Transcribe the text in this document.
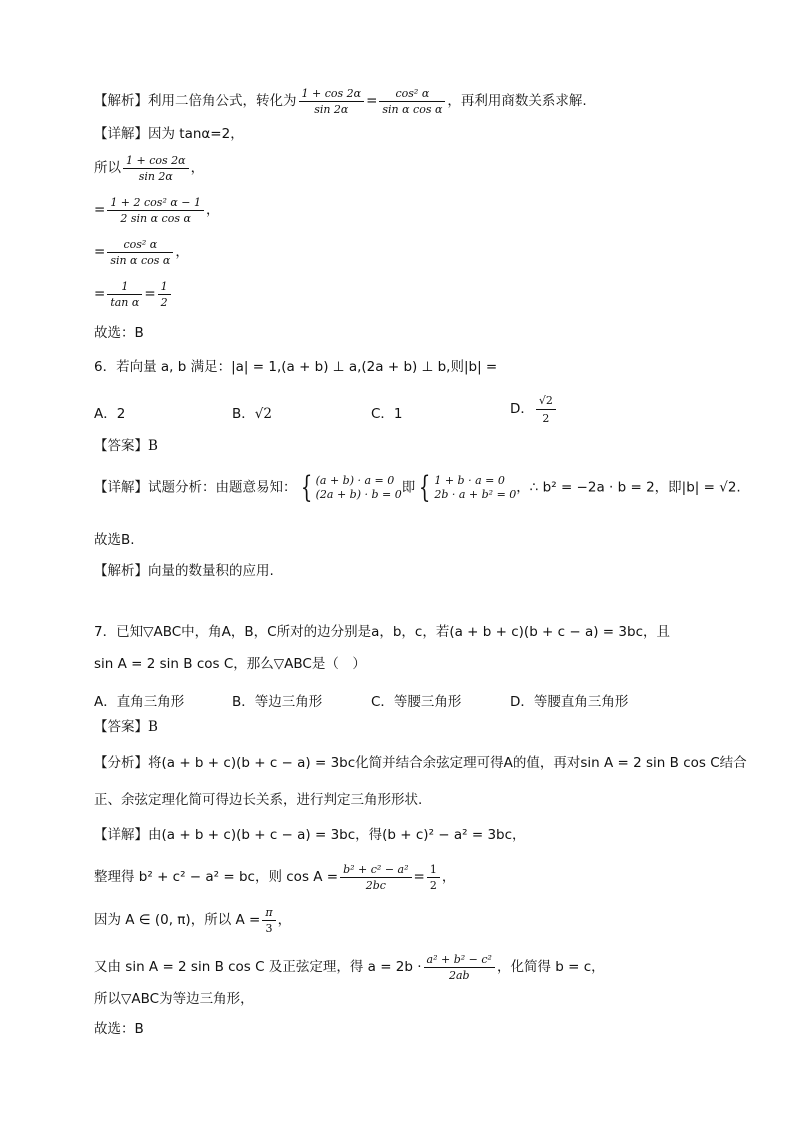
【解析】利用二倍角公式，转化为 $\frac{1 + \cos 2\alpha}{\sin 2\alpha} = \frac{\text{cos² α}}{\text{sin α cos α}}$ ，再利用商数关系求解.
【详解】因为 tanα=2，
所以 $\frac{1 + \cos 2\alpha}{\sin 2\alpha}$ ，
= $\frac{\text{1 + 2 cos² α − 1}}{\text{2 sin α cos α}}$ ，
= $\frac{\text{cos² α}}{\text{sin α cos α}}$ ，
= $\frac{1}{\text{tan α}} = \frac{1}{2}$
故选：B
6．若向量 a, b 满足：|a| = 1,(a + b) ⊥ a,(2a + b) ⊥ b,则|b| =
A．2	B．√2	C．1	D． $\frac{√2}{2}$
【答案】B
【详解】试题分析：由题意易知： { (a + b) · a = 0
(2a + b) · b = 0 即 { 1 + b · a = 0
2b · a + b² = 0 ，∴ b² = −2a · b = 2，即|b| = √2.
故选B.
【解析】向量的数量积的应用.
7．已知▽ABC中，角A，B，C所对的边分别是a，b，c，若(a + b + c)(b + c − a) = 3bc，且
sin A = 2 sin B cos C，那么▽ABC是（　）
A．直角三角形	B．等边三角形	C．等腰三角形	D．等腰直角三角形
【答案】B
【分析】将(a + b + c)(b + c − a) = 3bc化简并结合余弦定理可得A的值，再对sin A = 2 sin B cos C结合
正、余弦定理化简可得边长关系，进行判定三角形形状.
【详解】由(a + b + c)(b + c − a) = 3bc，得(b + c)² − a² = 3bc，
整理得 b² + c² − a² = bc，则 $\cos A = \frac{\text{b² + c² − a²}}{2bc} = \frac{1}{2}$ ，
因为 A ∈ (0, π)，所以 $A = \frac{\pi}{3}$ ，
又由 sin A = 2 sin B cos C 及正弦定理，得 $a = 2b \cdot \frac{\text{a² + b² − c²}}{2ab}$ ，化简得 b = c，
所以▽ABC为等边三角形，
故选：B
